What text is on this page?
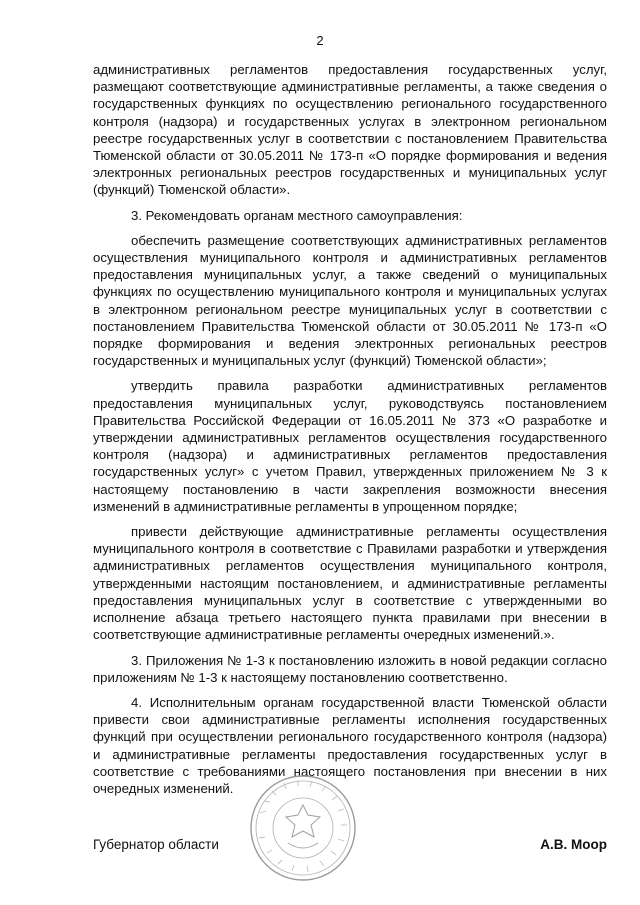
2

административных регламентов предоставления государственных услуг, размещают соответствующие административные регламенты, а также сведения о государственных функциях по осуществлению регионального государственного контроля (надзора) и государственных услугах в электронном региональном реестре государственных услуг в соответствии с постановлением Правительства Тюменской области от 30.05.2011 № 173-п «О порядке формирования и ведения электронных региональных реестров государственных и муниципальных услуг (функций) Тюменской области».

3. Рекомендовать органам местного самоуправления:

обеспечить размещение соответствующих административных регламентов осуществления муниципального контроля и административных регламентов предоставления муниципальных услуг, а также сведений о муниципальных функциях по осуществлению муниципального контроля и муниципальных услугах в электронном региональном реестре муниципальных услуг в соответствии с постановлением Правительства Тюменской области от 30.05.2011 № 173-п «О порядке формирования и ведения электронных региональных реестров государственных и муниципальных услуг (функций) Тюменской области»;

утвердить правила разработки административных регламентов предоставления муниципальных услуг, руководствуясь постановлением Правительства Российской Федерации от 16.05.2011 № 373 «О разработке и утверждении административных регламентов осуществления государственного контроля (надзора) и административных регламентов предоставления государственных услуг» с учетом Правил, утвержденных приложением № 3 к настоящему постановлению в части закрепления возможности внесения изменений в административные регламенты в упрощенном порядке;

привести действующие административные регламенты осуществления муниципального контроля в соответствие с Правилами разработки и утверждения административных регламентов осуществления муниципального контроля, утвержденными настоящим постановлением, и административные регламенты предоставления муниципальных услуг в соответствие с утвержденными во исполнение абзаца третьего настоящего пункта правилами при внесении в соответствующие административные регламенты очередных изменений.».

3. Приложения № 1-3 к постановлению изложить в новой редакции согласно приложениям № 1-3 к настоящему постановлению соответственно.

4. Исполнительным органам государственной власти Тюменской области привести свои административные регламенты исполнения государственных функций при осуществлении регионального государственного контроля (надзора) и административные регламенты предоставления государственных услуг в соответствие с требованиями настоящего постановления при внесении в них очередных изменений.

Губернатор области	А.В. Моор
